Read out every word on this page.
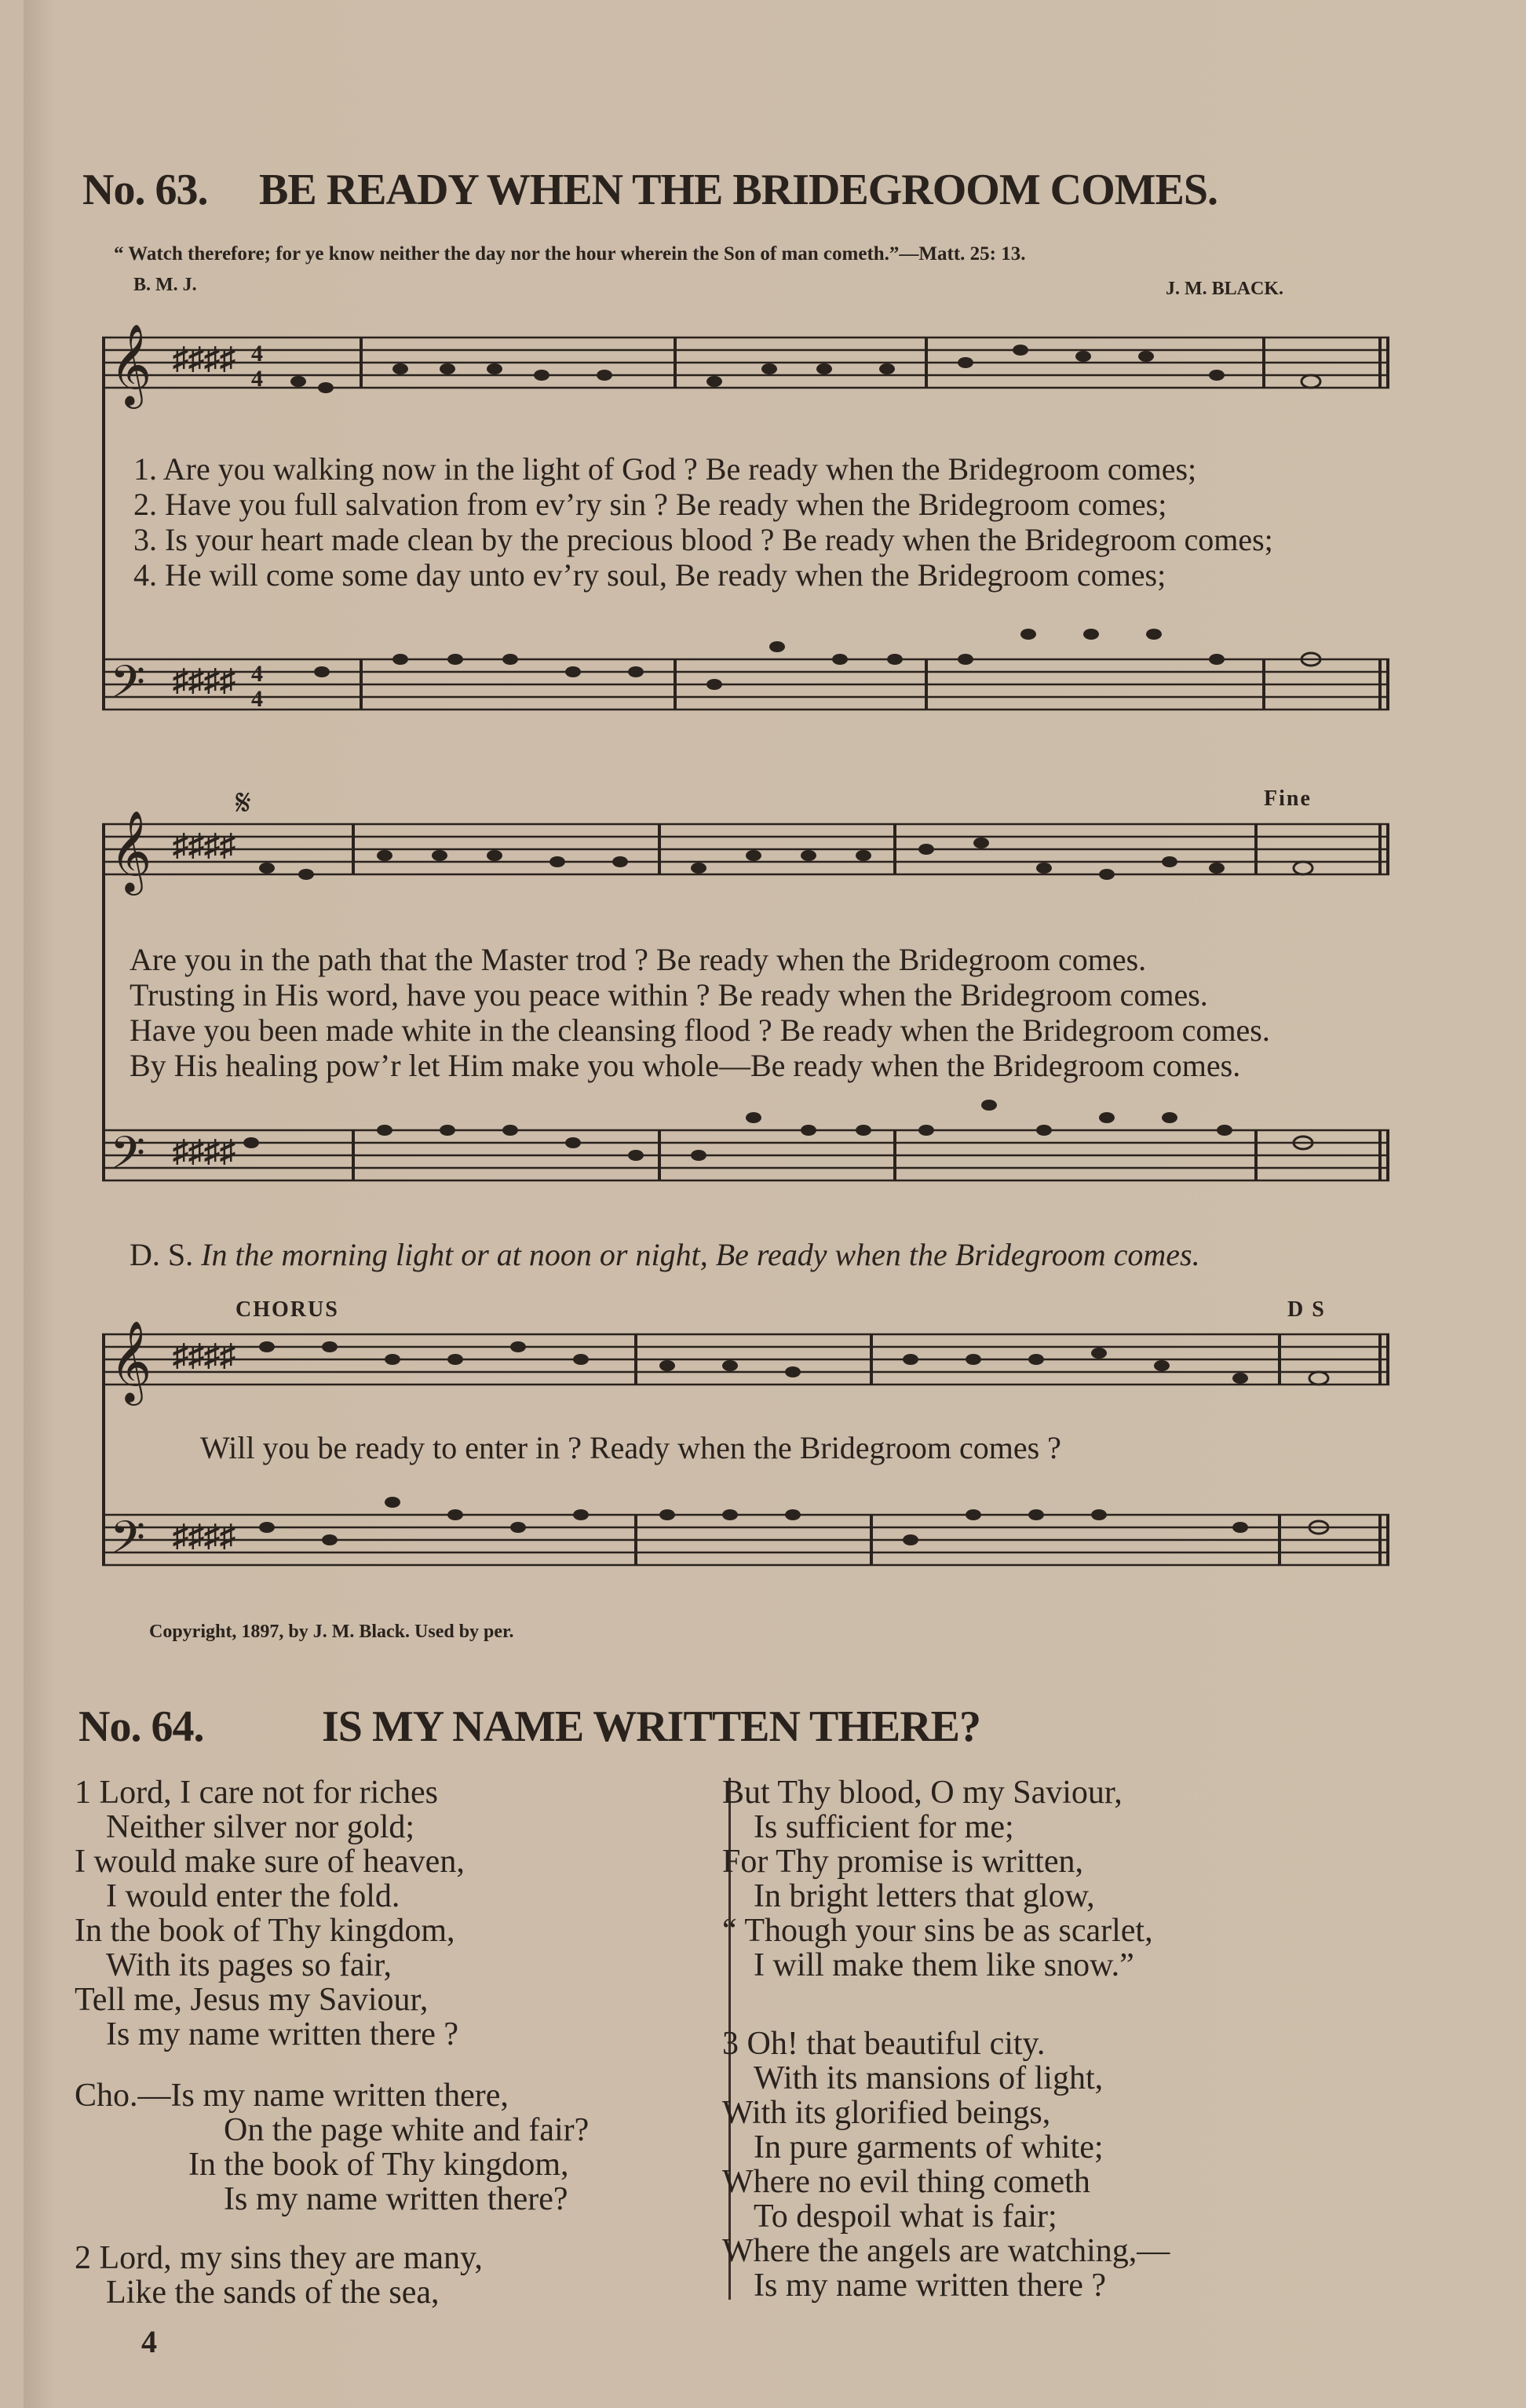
No. 63. BE READY WHEN THE BRIDEGROOM COMES.
“ Watch therefore; for ye know neither the day nor the hour wherein the Son of man cometh.”—Matt. 25: 13.
B. M. J.	J. M. BLACK.
𝄞
𝄢
♯♯♯♯
♯♯♯♯
4
4
4
4
1. Are you walking now in the light of God ? Be ready when the Bridegroom comes;
2. Have you full salvation from ev’ry sin ? Be ready when the Bridegroom comes;
3. Is your heart made clean by the precious blood ? Be ready when the Bridegroom comes;
4. He will come some day unto ev’ry soul, Be ready when the Bridegroom comes;
Fine
𝄞
𝄢
♯♯♯♯
♯♯♯♯
𝄋
Are you in the path that the Master trod ? Be ready when the Bridegroom comes.
Trusting in His word, have you peace within ? Be ready when the Bridegroom comes.
Have you been made white in the cleansing flood ? Be ready when the Bridegroom comes.
By His healing pow’r let Him make you whole—Be ready when the Bridegroom comes.
D. S. In the morning light or at noon or night, Be ready when the Bridegroom comes.
CHORUS	D S
𝄞
𝄢
♯♯♯♯
♯♯♯♯
Will you be ready to enter in ? Ready when the Bridegroom comes ?
Copyright, 1897, by J. M. Black. Used by per.
No. 64.	IS MY NAME WRITTEN THERE?
1 Lord, I care not for riches
Neither silver nor gold;
I would make sure of heaven,
I would enter the fold.
In the book of Thy kingdom,
With its pages so fair,
Tell me, Jesus my Saviour,
Is my name written there ?
Cho.—Is my name written there,
On the page white and fair?
In the book of Thy kingdom,
Is my name written there?
2 Lord, my sins they are many,
Like the sands of the sea,
But Thy blood, O my Saviour,
Is sufficient for me;
For Thy promise is written,
In bright letters that glow,
“ Though your sins be as scarlet,
I will make them like snow.”
3 Oh! that beautiful city.
With its mansions of light,
With its glorified beings,
In pure garments of white;
Where no evil thing cometh
To despoil what is fair;
Where the angels are watching,—
Is my name written there ?
4
